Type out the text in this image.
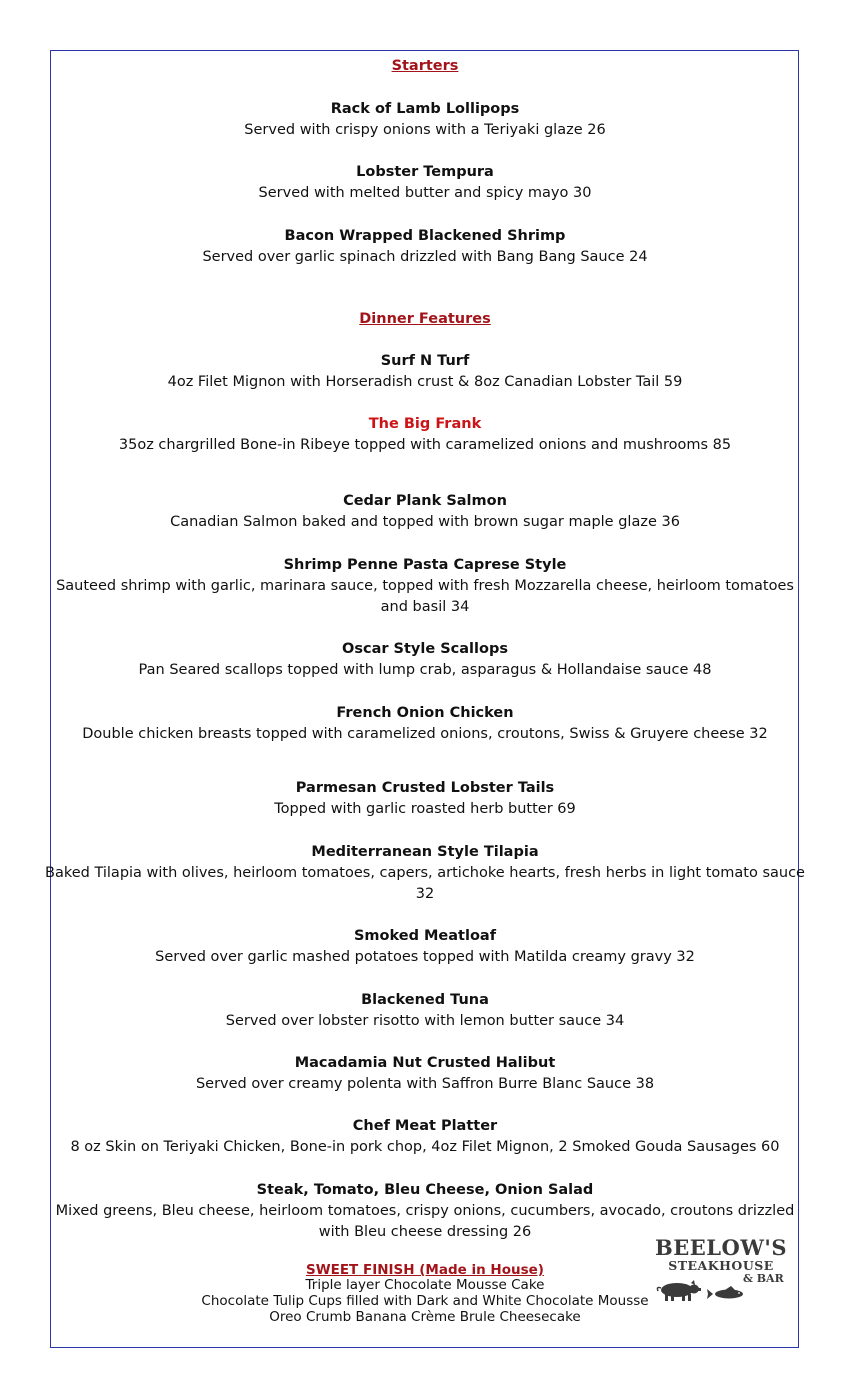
Starters
Rack of Lamb Lollipops
Served with crispy onions with a Teriyaki glaze 26
Lobster Tempura
Served with melted butter and spicy mayo 30
Bacon Wrapped Blackened Shrimp
Served over garlic spinach drizzled with Bang Bang Sauce 24
Dinner Features
Surf N Turf
4oz Filet Mignon with Horseradish crust & 8oz Canadian Lobster Tail 59
The Big Frank
35oz chargrilled Bone-in Ribeye topped with caramelized onions and mushrooms 85
Cedar Plank Salmon
Canadian Salmon baked and topped with brown sugar maple glaze 36
Shrimp Penne Pasta Caprese Style
Sauteed shrimp with garlic, marinara sauce, topped with fresh Mozzarella cheese, heirloom tomatoes
and basil 34
Oscar Style Scallops
Pan Seared scallops topped with lump crab, asparagus & Hollandaise sauce 48
French Onion Chicken
Double chicken breasts topped with caramelized onions, croutons, Swiss & Gruyere cheese 32
Parmesan Crusted Lobster Tails
Topped with garlic roasted herb butter 69
Mediterranean Style Tilapia
Baked Tilapia with olives, heirloom tomatoes, capers, artichoke hearts, fresh herbs in light tomato sauce
32
Smoked Meatloaf
Served over garlic mashed potatoes topped with Matilda creamy gravy 32
Blackened Tuna
Served over lobster risotto with lemon butter sauce 34
Macadamia Nut Crusted Halibut
Served over creamy polenta with Saffron Burre Blanc Sauce 38
Chef Meat Platter
8 oz Skin on Teriyaki Chicken, Bone-in pork chop, 4oz Filet Mignon, 2 Smoked Gouda Sausages 60
Steak, Tomato, Bleu Cheese, Onion Salad
Mixed greens, Bleu cheese, heirloom tomatoes, crispy onions, cucumbers, avocado, croutons drizzled
with Bleu cheese dressing 26
SWEET FINISH (Made in House)
Triple layer Chocolate Mousse Cake
Chocolate Tulip Cups filled with Dark and White Chocolate Mousse
Oreo Crumb Banana Crème Brule Cheesecake
BEELOW'S
STEAKHOUSE
& BAR
